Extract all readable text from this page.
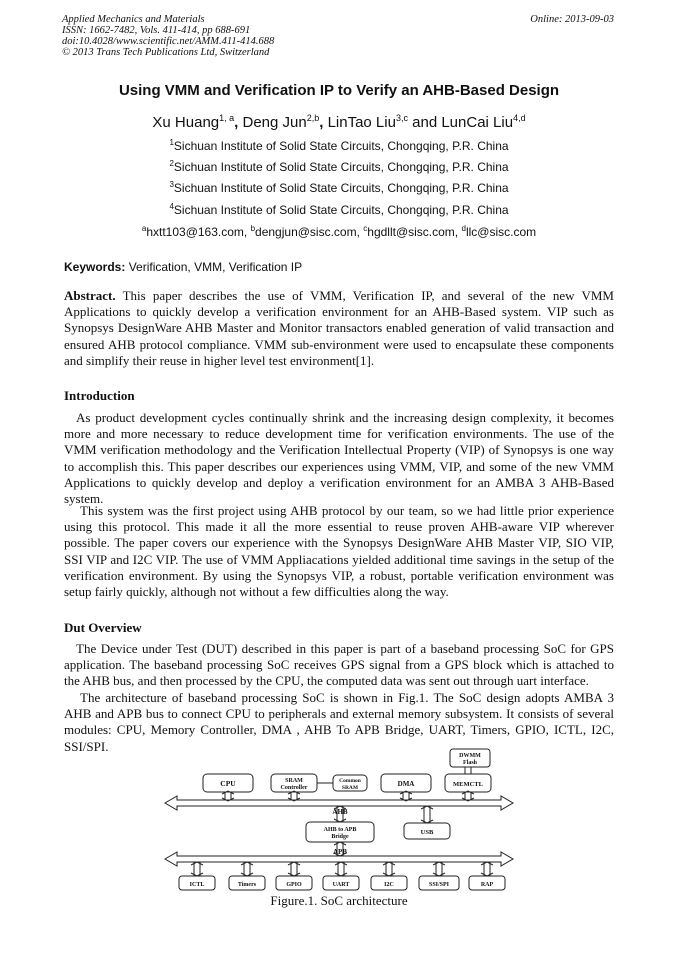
Applied Mechanics and Materials
ISSN: 1662-7482, Vols. 411-414, pp 688-691
doi:10.4028/www.scientific.net/AMM.411-414.688
© 2013 Trans Tech Publications Ltd, Switzerland
Online: 2013-09-03
Using VMM and Verification IP to Verify an AHB-Based Design
Xu Huang$^{1, a}$, Deng Jun$^{2,b}$, LinTao Liu$^{3,c}$ and LunCai Liu$^{4,d}$
$^1$Sichuan Institute of Solid State Circuits, Chongqing, P.R. China
$^2$Sichuan Institute of Solid State Circuits, Chongqing, P.R. China
$^3$Sichuan Institute of Solid State Circuits, Chongqing, P.R. China
$^4$Sichuan Institute of Solid State Circuits, Chongqing, P.R. China
$^a$hxtt103@163.com, $^b$dengjun@sisc.com, $^c$hgdllt@sisc.com, $^d$llc@sisc.com
Keywords: Verification, VMM, Verification IP
Abstract. This paper describes the use of VMM, Verification IP, and several of the new VMM Applications to quickly develop a verification environment for an AHB-Based system. VIP such as Synopsys DesignWare AHB Master and Monitor transactors enabled generation of valid transaction and ensured AHB protocol compliance. VMM sub-environment were used to encapsulate these components and simplify their reuse in higher level test environment[1].
Introduction
As product development cycles continually shrink and the increasing design complexity, it becomes more and more necessary to reduce development time for verification environments. The use of the VMM verification methodology and the Verification Intellectual Property (VIP) of Synopsys is one way to accomplish this. This paper describes our experiences using VMM, VIP, and some of the new VMM Applications to quickly develop and deploy a verification environment for an AMBA 3 AHB-Based system.
This system was the first project using AHB protocol by our team, so we had little prior experience using this protocol. This made it all the more essential to reuse proven AHB-aware VIP wherever possible. The paper covers our experience with the Synopsys DesignWare AHB Master VIP, SIO VIP, SSI VIP and I2C VIP. The use of VMM Appliacations yielded additional time savings in the setup of the verification environment. By using the Synopsys VIP, a robust, portable verification environment was setup fairly quickly, although not without a few difficulties along the way.
Dut Overview
The Device under Test (DUT) described in this paper is part of a baseband processing SoC for GPS application. The baseband processing SoC receives GPS signal from a GPS block which is attached to the AHB bus, and then processed by the CPU, the computed data was sent out through uart interface.
The architecture of baseband processing SoC is shown in Fig.1. The SoC design adopts AMBA 3 AHB and APB bus to connect CPU to peripherals and external memory subsystem. It consists of several modules: CPU, Memory Controller, DMA , AHB To APB Bridge, UART, Timers, GPIO, ICTL, I2C, SSI/SPI.
DWMM
Flash
CPU	SRAM
Controller
Common
SRAM	DMA	MEMCTL
AHB
AHB to APB
Bridge
USB
APB
ICTL	Timers	GPIO	UART	I2C	SSI/SPI	RAP
Figure.1. SoC architecture
